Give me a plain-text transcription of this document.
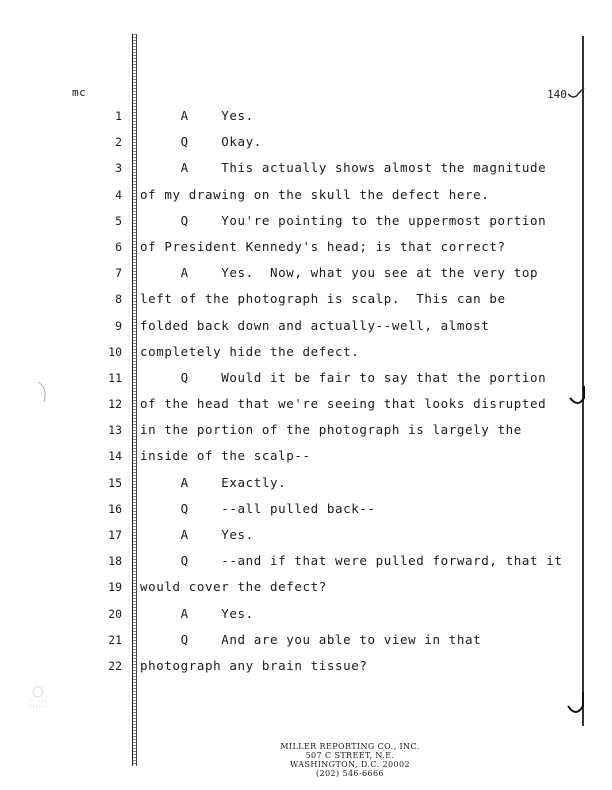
mc	140
1
2
3
4
5
6
7
8
9
10
11
12
13
14
15
16
17
18
19
20
21
22
A    Yes.
Q    Okay.
A    This actually shows almost the magnitude
of my drawing on the skull the defect here.
Q    You're pointing to the uppermost portion
of President Kennedy's head; is that correct?
A    Yes.  Now, what you see at the very top
left of the photograph is scalp.  This can be
folded back down and actually--well, almost
completely hide the defect.
Q    Would it be fair to say that the portion
of the head that we're seeing that looks disrupted
in the portion of the photograph is largely the
inside of the scalp--
A    Exactly.
Q    --all pulled back--
A    Yes.
Q    --and if that were pulled forward, that it
would cover the defect?
A    Yes.
Q    And are you able to view in that
photograph any brain tissue?
MILLER REPORTING CO., INC.
507 C STREET, N.E.
WASHINGTON, D.C. 20002
(202) 546-6666
